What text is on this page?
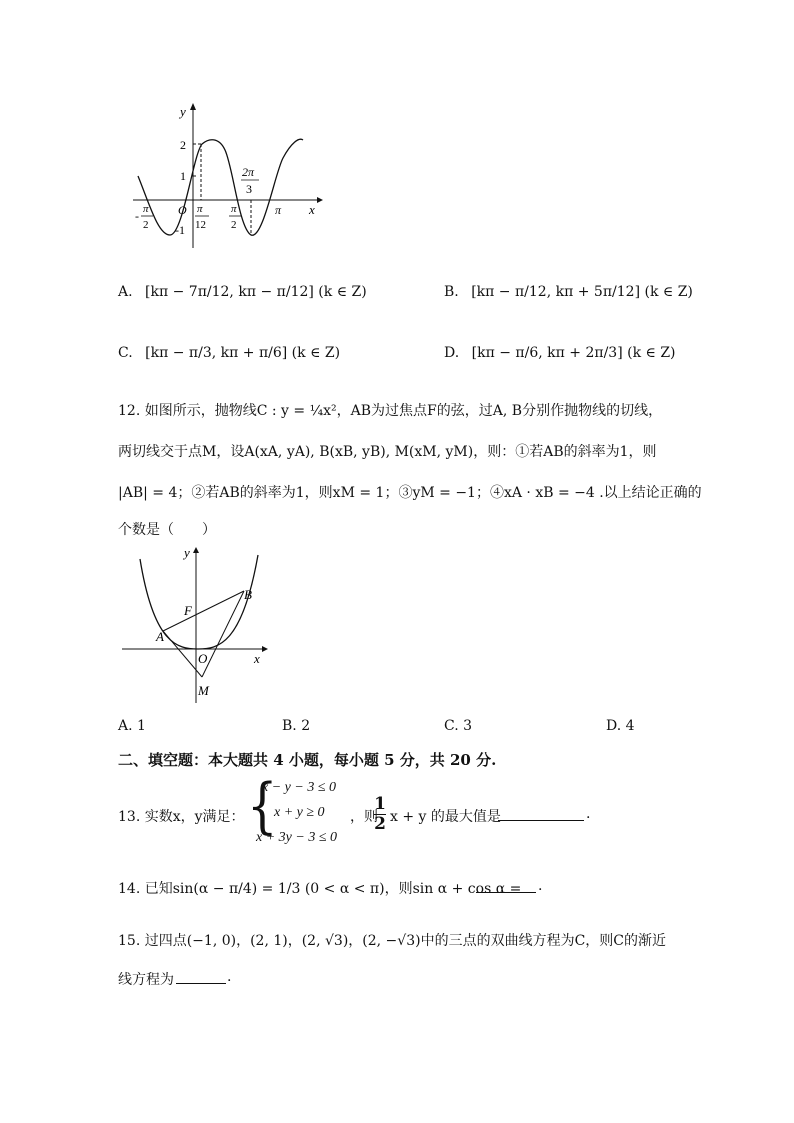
y
x
2
1
O
-1
- π
2
π
12
π
2
2π
3
π
A. [kπ − 7π/12, kπ − π/12] (k ∈ Z)	B. [kπ − π/12, kπ + 5π/12] (k ∈ Z)
C. [kπ − π/3, kπ + π/6] (k ∈ Z)	D. [kπ − π/6, kπ + 2π/3] (k ∈ Z)
12. 如图所示，抛物线C : y = ¼x²，AB为过焦点F的弦，过A, B分别作抛物线的切线，
两切线交于点M，设A(xA, yA), B(xB, yB), M(xM, yM)，则：①若AB的斜率为1，则
|AB| = 4；②若AB的斜率为1，则xM = 1；③yM = −1；④xA · xB = −4 .以上结论正确的
个数是（　　）
y
x
F
B
A
O
M
A. 1	B. 2	C. 3	D. 4
二、填空题：本大题共 4 小题，每小题 5 分，共 20 分.
13. 实数x，y满足： {
x − y − 3 ≤ 0
x + y ≥ 0
x + 3y − 3 ≤ 0
，则
1
2 x + y 的最大值是	.
14. 已知sin(α − π/4) = 1/3 (0 < α < π)，则sin α + cos α = .
15. 过四点(−1, 0)，(2, 1)，(2, √3)，(2, −√3)中的三点的双曲线方程为C，则C的渐近
线方程为	.
